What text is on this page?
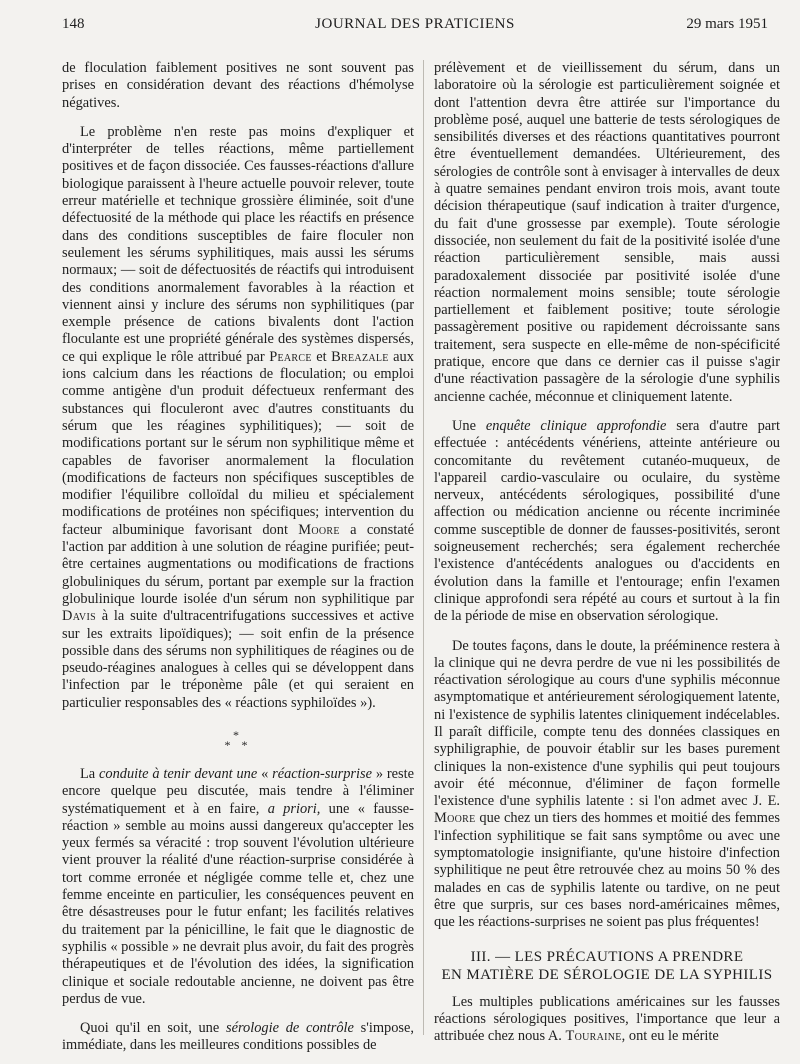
148	JOURNAL DES PRATICIENS	29 mars 1951

de floculation faiblement positives ne sont souvent pas prises en considération devant des réactions d'hémolyse négatives.

Le problème n'en reste pas moins d'expliquer et d'interpréter de telles réactions, même partiellement positives et de façon dissociée. Ces fausses-réactions d'allure biologique paraissent à l'heure actuelle pouvoir relever, toute erreur matérielle et technique grossière éliminée, soit d'une défectuosité de la méthode qui place les réactifs en présence dans des conditions susceptibles de faire floculer non seulement les sérums syphilitiques, mais aussi les sérums normaux; — soit de défectuosités de réactifs qui introduisent des conditions anormalement favorables à la réaction et viennent ainsi y inclure des sérums non syphilitiques (par exemple présence de cations bivalents dont l'action floculante est une propriété générale des systèmes dispersés, ce qui explique le rôle attribué par Pearce et Breazale aux ions calcium dans les réactions de floculation; ou emploi comme antigène d'un produit défectueux renfermant des substances qui floculeront avec d'autres constituants du sérum que les réagines syphilitiques); — soit de modifications portant sur le sérum non syphilitique même et capables de favoriser anormalement la floculation (modifications de facteurs non spécifiques susceptibles de modifier l'équilibre colloïdal du milieu et spécialement modifications de protéines non spécifiques; intervention du facteur albuminique favorisant dont Moore a constaté l'action par addition à une solution de réagine purifiée; peut-être certaines augmentations ou modifications de fractions globuliniques du sérum, portant par exemple sur la fraction globulinique lourde isolée d'un sérum non syphilitique par Davis à la suite d'ultracentrifugations successives et active sur les extraits lipoïdiques); — soit enfin de la présence possible dans des sérums non syphilitiques de réagines ou de pseudo-réagines analogues à celles qui se développent dans l'infection par le tréponème pâle (et qui seraient en particulier responsables des « réactions syphiloïdes »).

*
* *

La conduite à tenir devant une « réaction-surprise » reste encore quelque peu discutée, mais tendre à l'éliminer systématiquement et à en faire, a priori, une « fausse-réaction » semble au moins aussi dangereux qu'accepter les yeux fermés sa véracité : trop souvent l'évolution ultérieure vient prouver la réalité d'une réaction-surprise considérée à tort comme erronée et négligée comme telle et, chez une femme enceinte en particulier, les conséquences peuvent en être désastreuses pour le futur enfant; les facilités relatives du traitement par la pénicilline, le fait que le diagnostic de syphilis « possible » ne devrait plus avoir, du fait des progrès thérapeutiques et de l'évolution des idées, la signification clinique et sociale redoutable ancienne, ne doivent pas être perdus de vue.

Quoi qu'il en soit, une sérologie de contrôle s'impose, immédiate, dans les meilleures conditions possibles de

prélèvement et de vieillissement du sérum, dans un laboratoire où la sérologie est particulièrement soignée et dont l'attention devra être attirée sur l'importance du problème posé, auquel une batterie de tests sérologiques de sensibilités diverses et des réactions quantitatives pourront être éventuellement demandées. Ultérieurement, des sérologies de contrôle sont à envisager à intervalles de deux à quatre semaines pendant environ trois mois, avant toute décision thérapeutique (sauf indication à traiter d'urgence, du fait d'une grossesse par exemple). Toute sérologie dissociée, non seulement du fait de la positivité isolée d'une réaction particulièrement sensible, mais aussi paradoxalement dissociée par positivité isolée d'une réaction normalement moins sensible; toute sérologie partiellement et faiblement positive; toute sérologie passagèrement positive ou rapidement décroissante sans traitement, sera suspecte en elle-même de non-spécificité pratique, encore que dans ce dernier cas il puisse s'agir d'une réactivation passagère de la sérologie d'une syphilis ancienne cachée, méconnue et cliniquement latente.

Une enquête clinique approfondie sera d'autre part effectuée : antécédents vénériens, atteinte antérieure ou concomitante du revêtement cutanéo-muqueux, de l'appareil cardio-vasculaire ou oculaire, du système nerveux, antécédents sérologiques, possibilité d'une affection ou médication ancienne ou récente incriminée comme susceptible de donner de fausses-positivités, seront soigneusement recherchés; sera également recherchée l'existence d'antécédents analogues ou d'accidents en évolution dans la famille et l'entourage; enfin l'examen clinique approfondi sera répété au cours et surtout à la fin de la période de mise en observation sérologique.

De toutes façons, dans le doute, la prééminence restera à la clinique qui ne devra perdre de vue ni les possibilités de réactivation sérologique au cours d'une syphilis méconnue asymptomatique et antérieurement sérologiquement latente, ni l'existence de syphilis latentes cliniquement indécelables. Il paraît difficile, compte tenu des données classiques en syphiligraphie, de pouvoir établir sur les bases purement cliniques la non-existence d'une syphilis qui peut toujours avoir été méconnue, d'éliminer de façon formelle l'existence d'une syphilis latente : si l'on admet avec J. E. Moore que chez un tiers des hommes et moitié des femmes l'infection syphilitique se fait sans symptôme ou avec une symptomatologie insignifiante, qu'une histoire d'infection syphilitique ne peut être retrouvée chez au moins 50 % des malades en cas de syphilis latente ou tardive, on ne peut être que surpris, sur ces bases nord-américaines mêmes, que les réactions-surprises ne soient pas plus fréquentes!

III. — LES PRÉCAUTIONS A PRENDRE
EN MATIÈRE DE SÉROLOGIE DE LA SYPHILIS

Les multiples publications américaines sur les fausses réactions sérologiques positives, l'importance que leur a attribuée chez nous A. Touraine, ont eu le mérite
